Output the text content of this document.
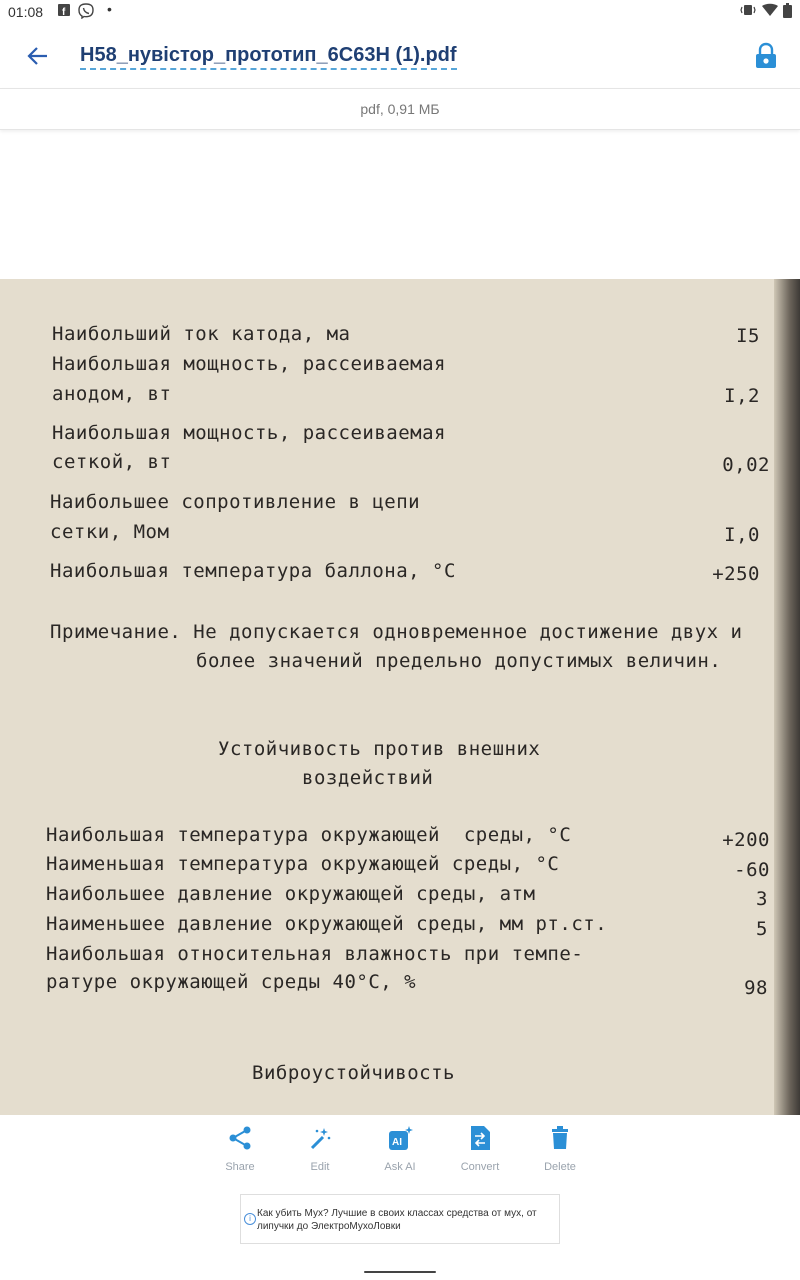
01:08 f	•
H58_нувістор_прототип_6С63Н (1).pdf
pdf, 0,91 МБ
Наибольший ток катода, ма	I5
Наибольшая мощность, рассеиваемая
анодом, вт	I,2
Наибольшая мощность, рассеиваемая
сеткой, вт	0,02
Наибольшее сопротивление в цепи
сетки, Мом	I,0
Наибольшая температура баллона, °С	+250
Примечание. Не допускается одновременное достижение двух и
более значений предельно допустимых величин.
Устойчивость против внешних
воздействий
Наибольшая температура окружающей  среды, °С	+200
Наименьшая температура окружающей среды, °С	-60
Наибольшее давление окружающей среды, атм	3
Наименьшее давление окружающей среды, мм рт.ст.	5
Наибольшая относительная влажность при темпе-
ратуре окружающей среды 40°С, %	98
Виброустойчивость
Share	Edit
AI
Ask AI	Convert	Delete
i Как убить Мух? Лучшие в своих классах средства от мух, от липучки до ЭлектроМухоЛовки
